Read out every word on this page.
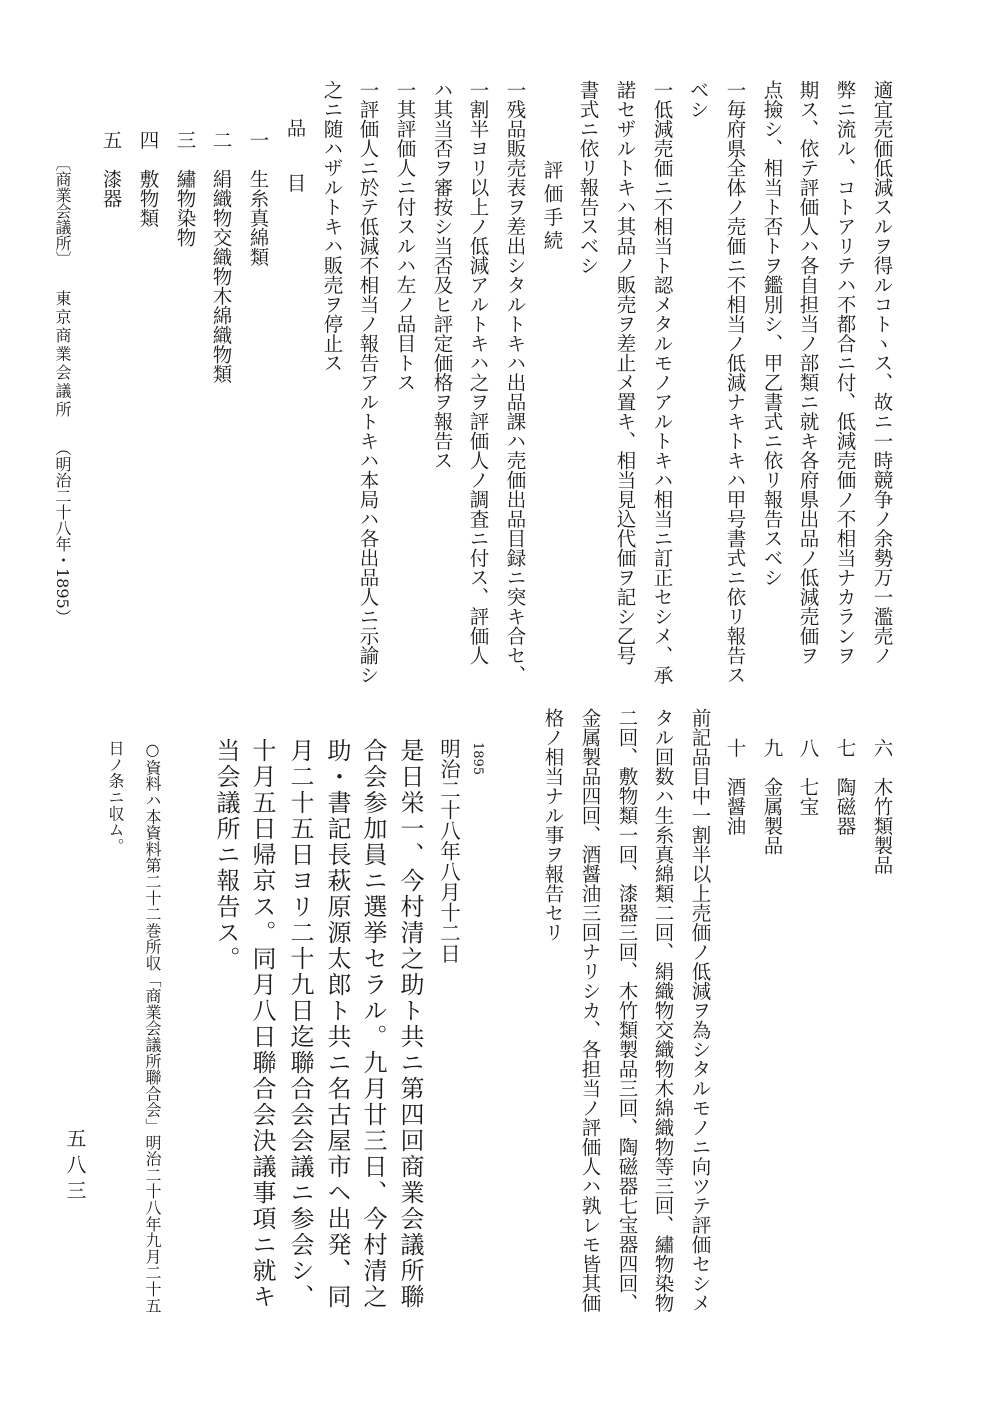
適宜売価低減スルヲ得ルコトヽス、故ニ一時競争ノ余勢万一濫売ノ

弊ニ流ル、コトアリテハ不都合ニ付、低減売価ノ不相当ナカランヲ

期ス、依テ評価人ハ各自担当ノ部類ニ就キ各府県出品ノ低減売価ヲ

点撿シ、相当ト否トヲ鑑別シ、甲乙書式ニ依リ報告スベシ

一毎府県全体ノ売価ニ不相当ノ低減ナキトキハ甲号書式ニ依リ報告ス

ベシ

一低減売価ニ不相当ト認メタルモノアルトキハ相当ニ訂正セシメ、承

諾セザルトキハ其品ノ販売ヲ差止メ置キ、相当見込代価ヲ記シ乙号

書式ニ依リ報告スベシ

評価手続

一残品販売表ヲ差出シタルトキハ出品課ハ売価出品目録ニ突キ合セ、

一割半ヨリ以上ノ低減アルトキハ之ヲ評価人ノ調査ニ付ス、評価人

ハ其当否ヲ審按シ当否及ヒ評定価格ヲ報告ス

一其評価人ニ付スルハ左ノ品目トス

一評価人ニ於テ低減不相当ノ報告アルトキハ本局ハ各出品人ニ示諭シ

之ニ随ハザルトキハ販売ヲ停止ス

品　目

一　生糸真綿類

二　絹織物交織物木綿織物類

三　繡物染物

四　敷物類

五　漆器

〔商業会議所〕
東京商業会議所
（明治二十八年・1895）

六　木竹類製品

七　陶磁器

八　七宝

九　金属製品

十　酒醤油

前記品目中一割半以上売価ノ低減ヲ為シタルモノニ向ツテ評価セシメ

タル回数ハ生糸真綿類二回、絹織物交織物木綿織物等三回、繡物染物

二回、敷物類一回、漆器三回、木竹類製品三回、陶磁器七宝器四回、

金属製品四回、酒醤油三回ナリシカ、各担当ノ評価人ハ孰レモ皆其価

格ノ相当ナル事ヲ報告セリ

1895
明治二十八年八月十二日

是日栄一、今村清之助ト共ニ第四回商業会議所聯

合会参加員ニ選挙セラル。九月廿三日、今村清之

助・書記長萩原源太郎ト共ニ名古屋市ヘ出発、同

月二十五日ヨリ二十九日迄聯合会会議ニ参会シ、

十月五日帰京ス。同月八日聯合会決議事項ニ就キ

当会議所ニ報告ス。

○資料ハ本資料第二十二巻所収「商業会議所聯合会」明治二十八年九月二十五

日ノ条ニ収ム。

五八三
